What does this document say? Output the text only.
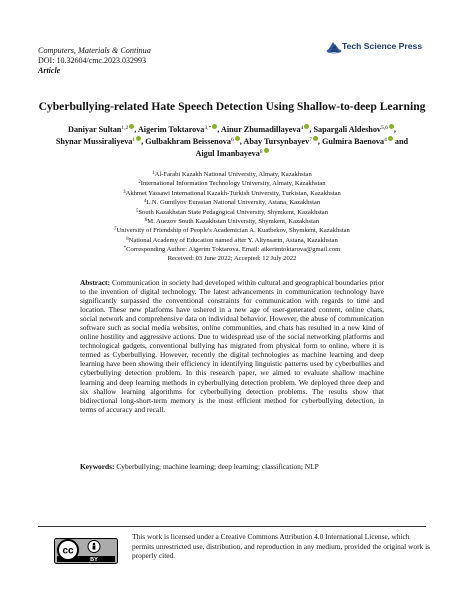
Computers, Materials & Continua
DOI: 10.32604/cmc.2023.032993
Article
Tech Science Press
Cyberbullying-related Hate Speech Detection Using Shallow-to-deep Learning
Daniyar Sultan$^{1,2}$ , Aigerim Toktarova$^{3,*}$ , Ainur Zhumadillayeva$^4$ , Sapargali Aldeshov$^{5,6}$ , Shynar Mussiraliyeva$^1$ , Gulbakhram Beissenova$^6$ , Abay Tursynbayev$^7$ , Gulmira Baenova$^4$ and Aigul Imanbayeva$^8$
$^1$Al-Farabi Kazakh National University, Almaty, Kazakhstan
$^2$International Information Technology University, Almaty, Kazakhstan
$^3$Akhmet Yassawi International Kazakh-Turkish University, Turkistan, Kazakhstan
$^4$L.N. Gumilyov Eurasian National University, Astana, Kazakhstan
$^5$South Kazakhstan State Pedagogical University, Shymkent, Kazakhstan
$^6$M. Auezov South Kazakhstan University, Shymkent, Kazakhstan
$^7$University of Friendship of People's Academician A. Kuatbekov, Shymkent, Kazakhstan
$^8$National Academy of Education named after Y. Altynsarin, Astana, Kazakhstan
*Corresponding Author: Aigerim Toktarova. Email: aikerimtoktarova@gmail.com
Received: 03 June 2022; Accepted: 12 July 2022
Abstract: Communication in society had developed within cultural and geographical boundaries prior to the invention of digital technology. The latest advancements in communication technology have significantly surpassed the conventional constraints for communication with regards to time and location. These new platforms have ushered in a new age of user-generated content, online chats, social network and comprehensive data on individual behavior. However, the abuse of communication software such as social media websites, online communities, and chats has resulted in a new kind of online hostility and aggressive actions. Due to widespread use of the social networking platforms and technological gadgets, conventional bullying has migrated from physical form to online, where it is termed as Cyberbullying. However, recently the digital technologies as machine learning and deep learning have been showing their efficiency in identifying linguistic patterns used by cyberbullies and cyberbullying detection problem. In this research paper, we aimed to evaluate shallow machine learning and deep learning methods in cyberbullying detection problem. We deployed three deep and six shallow learning algorithms for cyberbullying detection problems. The results show that bidirectional long-short-term memory is the most efficient method for cyberbullying detection, in terms of accuracy and recall.
Keywords: Cyberbullying; machine learning; deep learning; classification; NLP
cc
BY
This work is licensed under a Creative Commons Attribution 4.0 International License, which permits unrestricted use, distribution, and reproduction in any medium, provided the original work is properly cited.
